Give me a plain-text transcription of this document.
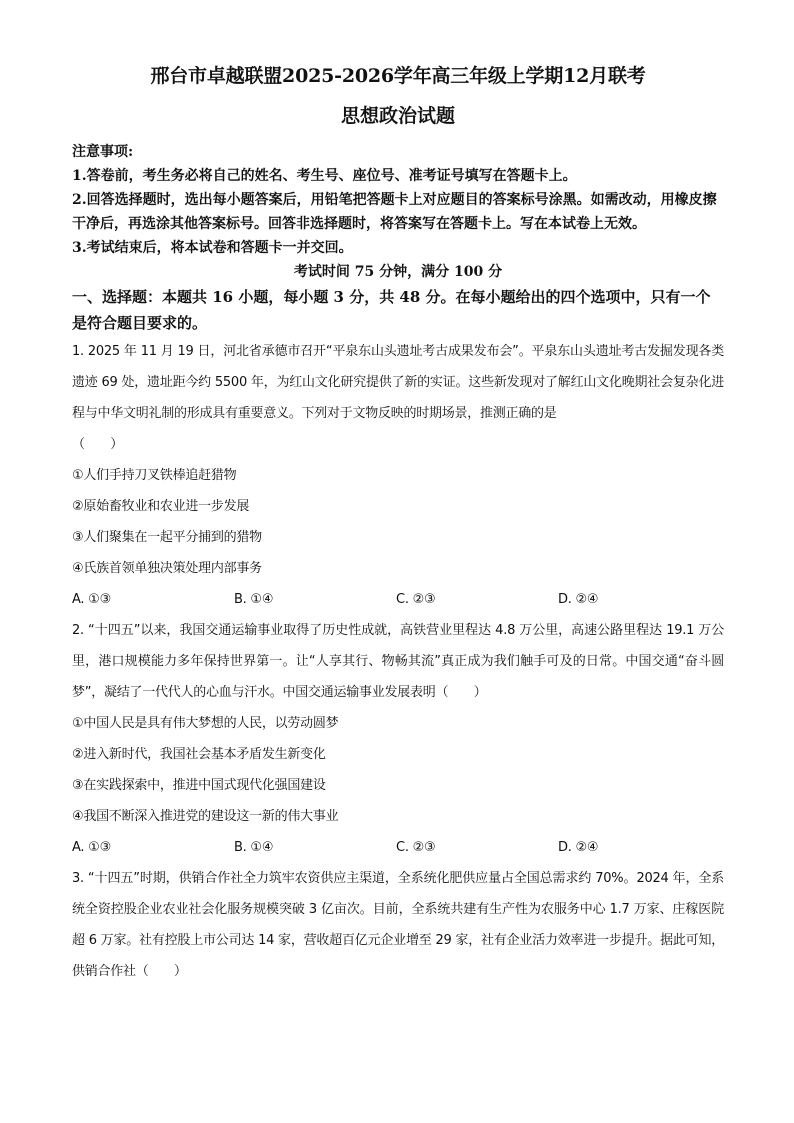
邢台市卓越联盟2025-2026学年高三年级上学期12月联考
思想政治试题

注意事项:

1.答卷前，考生务必将自己的姓名、考生号、座位号、准考证号填写在答题卡上。

2.回答选择题时，选出每小题答案后，用铅笔把答题卡上对应题目的答案标号涂黑。如需改动，用橡皮擦干净后，再选涂其他答案标号。回答非选择题时，将答案写在答题卡上。写在本试卷上无效。

3.考试结束后，将本试卷和答题卡一并交回。

考试时间 75 分钟，满分 100 分

一、选择题：本题共 16 小题，每小题 3 分，共 48 分。在每小题给出的四个选项中，只有一个是符合题目要求的。

1. 2025 年 11 月 19 日，河北省承德市召开“平泉东山头遗址考古成果发布会”。平泉东山头遗址考古发掘发现各类遗迹 69 处，遗址距今约 5500 年，为红山文化研究提供了新的实证。这些新发现对了解红山文化晚期社会复杂化进程与中华文明礼制的形成具有重要意义。下列对于文物反映的时期场景，推测正确的是

（　　）

①人们手持刀叉铁棒追赶猎物

②原始畜牧业和农业进一步发展

③人们聚集在一起平分捕到的猎物

④氏族首领单独决策处理内部事务

A. ①③	B. ①④	C. ②③	D. ②④

2. “十四五”以来，我国交通运输事业取得了历史性成就，高铁营业里程达 4.8 万公里，高速公路里程达 19.1 万公里，港口规模能力多年保持世界第一。让“人享其行、物畅其流”真正成为我们触手可及的日常。中国交通“奋斗圆梦”，凝结了一代代人的心血与汗水。中国交通运输事业发展表明（　　）

①中国人民是具有伟大梦想的人民，以劳动圆梦

②进入新时代，我国社会基本矛盾发生新变化

③在实践探索中，推进中国式现代化强国建设

④我国不断深入推进党的建设这一新的伟大事业

A. ①③	B. ①④	C. ②③	D. ②④

3. “十四五”时期，供销合作社全力筑牢农资供应主渠道，全系统化肥供应量占全国总需求约 70%。2024 年，全系统全资控股企业农业社会化服务规模突破 3 亿亩次。目前，全系统共建有生产性为农服务中心 1.7 万家、庄稼医院超 6 万家。社有控股上市公司达 14 家，营收超百亿元企业增至 29 家，社有企业活力效率进一步提升。据此可知，供销合作社（　　）
